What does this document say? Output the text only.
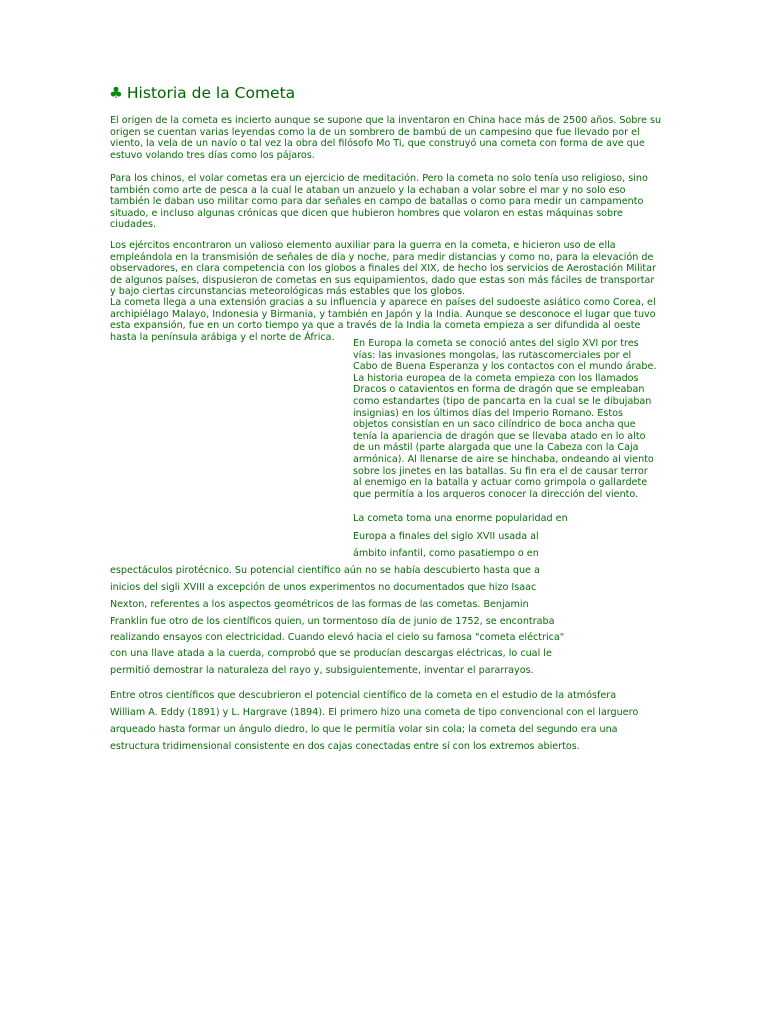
♣ Historia de la Cometa

El origen de la cometa es incierto aunque se supone que la inventaron en China hace más de 2500 años. Sobre su origen se cuentan varias leyendas como la de un sombrero de bambú de un campesino que fue llevado por el viento, la vela de un navío o tal vez la obra del filósofo Mo Ti, que construyó una cometa con forma de ave que estuvo volando tres días como los pájaros.

Para los chinos, el volar cometas era un ejercicio de meditación. Pero la cometa no solo tenía uso religioso, sino también como arte de pesca a la cual le ataban un anzuelo y la echaban a volar sobre el mar y no solo eso también le daban uso militar como para dar señales en campo de batallas o como para medir un campamento situado, e incluso algunas crónicas que dicen que hubieron hombres que volaron en estas máquinas sobre ciudades.

Los ejércitos encontraron un valioso elemento auxiliar para la guerra en la cometa, e hicieron uso de ella empleándola en la transmisión de señales de día y noche, para medir distancias y como no, para la elevación de observadores, en clara competencia con los globos a finales del XIX, de hecho los servicios de Aerostación Militar de algunos países, dispusieron de cometas en sus equipamientos, dado que estas son más fáciles de transportar y bajo ciertas circunstancias meteorológicas más estables que los globos.

La cometa llega a una extensión gracias a su influencia y aparece en países del sudoeste asiático como Corea, el archipiélago Malayo, Indonesia y Birmania, y también en Japón y la India. Aunque se desconoce el lugar que tuvo esta expansión, fue en un corto tiempo ya que a través de la India la cometa empieza a ser difundida al oeste hasta la península arábiga y el norte de África.

En Europa la cometa se conoció antes del siglo XVI por tres vías: las invasiones mongolas, las rutascomerciales por el Cabo de Buena Esperanza y los contactos con el mundo árabe. La historia europea de la cometa empieza con los llamados Dracos o catavientos en forma de dragón que se empleaban como estandartes (tipo de pancarta en la cual se le dibujaban insignias) en los últimos días del Imperio Romano. Estos objetos consistían en un saco cilíndrico de boca ancha que tenía la apariencia de dragón que se llevaba atado en lo alto de un mástil (parte alargada que une la Cabeza con la Caja armónica). Al llenarse de aire se hinchaba, ondeando al viento sobre los jinetes en las batallas. Su fin era el de causar terror al enemigo en la batalla y actuar como grimpola o gallardete que permitía a los arqueros conocer la dirección del viento.

La cometa toma una enorme popularidad en

Europa a finales del siglo XVII usada al

ámbito infantil, como pasatiempo o en

espectáculos pirotécnico. Su potencial científico aún no se había descubierto hasta que a

inicios del sigli XVIII a excepción de unos experimentos no documentados que hizo Isaac

Nexton, referentes a los aspectos geométricos de las formas de las cometas. Benjamin

Franklin fue otro de los científicos quien, un tormentoso día de junio de 1752, se encontraba

realizando ensayos con electricidad. Cuando elevó hacia el cielo su famosa "cometa eléctrica"

con una llave atada a la cuerda, comprobó que se producían descargas eléctricas, lo cual le

permitió demostrar la naturaleza del rayo y, subsiguientemente, inventar el pararrayos.

Entre otros científicos que descubrieron el potencial científico de la cometa en el estudio de la atmósfera

William A. Eddy (1891) y L. Hargrave (1894). El primero hizo una cometa de tipo convencional con el larguero

arqueado hasta formar un ángulo diedro, lo que le permitía volar sin cola; la cometa del segundo era una

estructura tridimensional consistente en dos cajas conectadas entre sí con los extremos abiertos.
